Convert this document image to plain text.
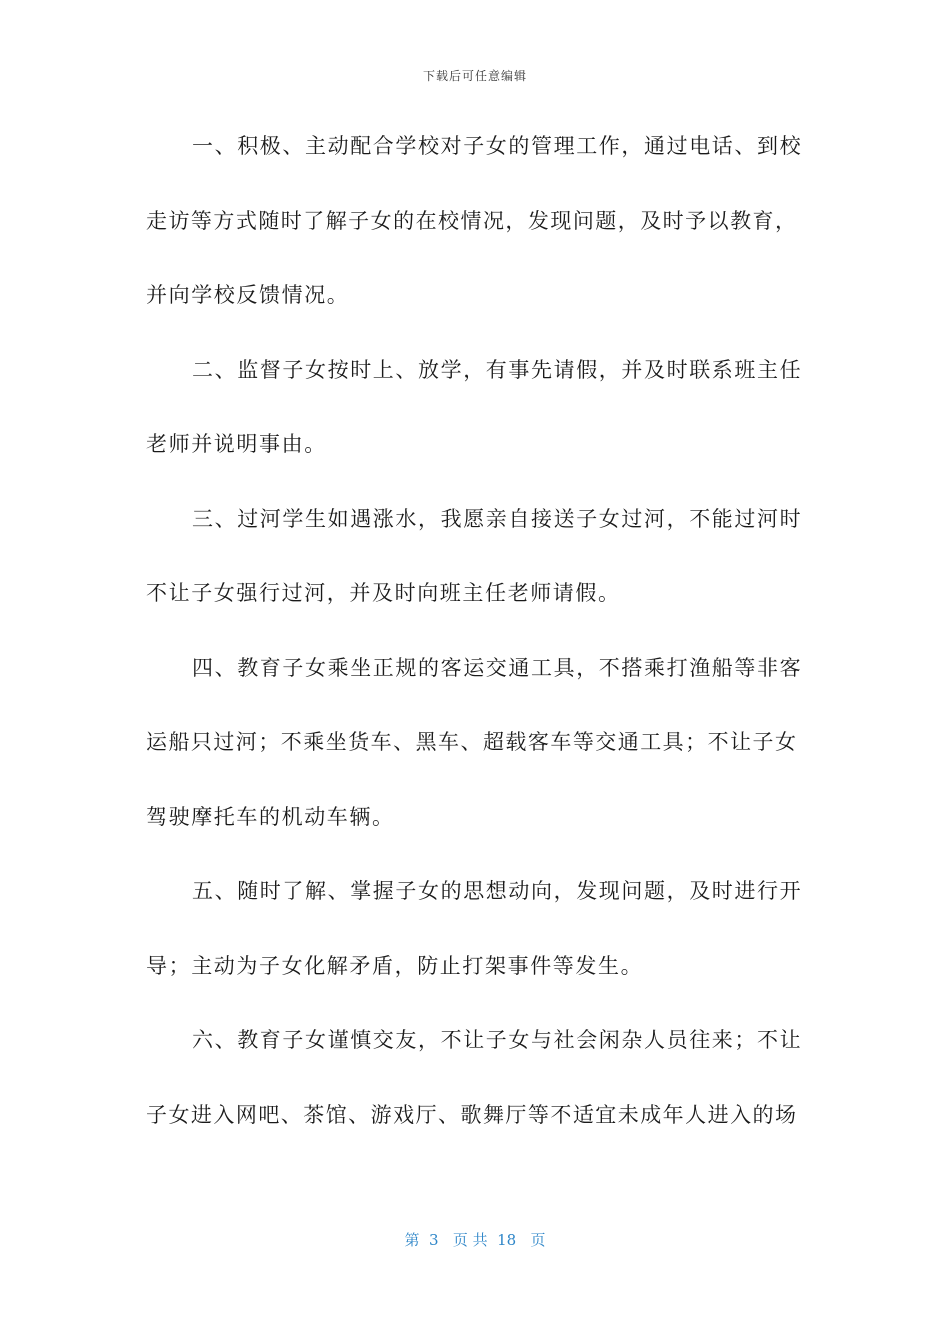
下载后可任意编辑
一、积极、主动配合学校对子女的管理工作，通过电话、到校
走访等方式随时了解子女的在校情况，发现问题，及时予以教育，
并向学校反馈情况。
二、监督子女按时上、放学，有事先请假，并及时联系班主任
老师并说明事由。
三、过河学生如遇涨水，我愿亲自接送子女过河，不能过河时
不让子女强行过河，并及时向班主任老师请假。
四、教育子女乘坐正规的客运交通工具，不搭乘打渔船等非客
运船只过河；不乘坐货车、黑车、超载客车等交通工具；不让子女
驾驶摩托车的机动车辆。
五、随时了解、掌握子女的思想动向，发现问题，及时进行开
导；主动为子女化解矛盾，防止打架事件等发生。
六、教育子女谨慎交友，不让子女与社会闲杂人员往来；不让
子女进入网吧、茶馆、游戏厅、歌舞厅等不适宜未成年人进入的场
第  3   页 共  18   页
